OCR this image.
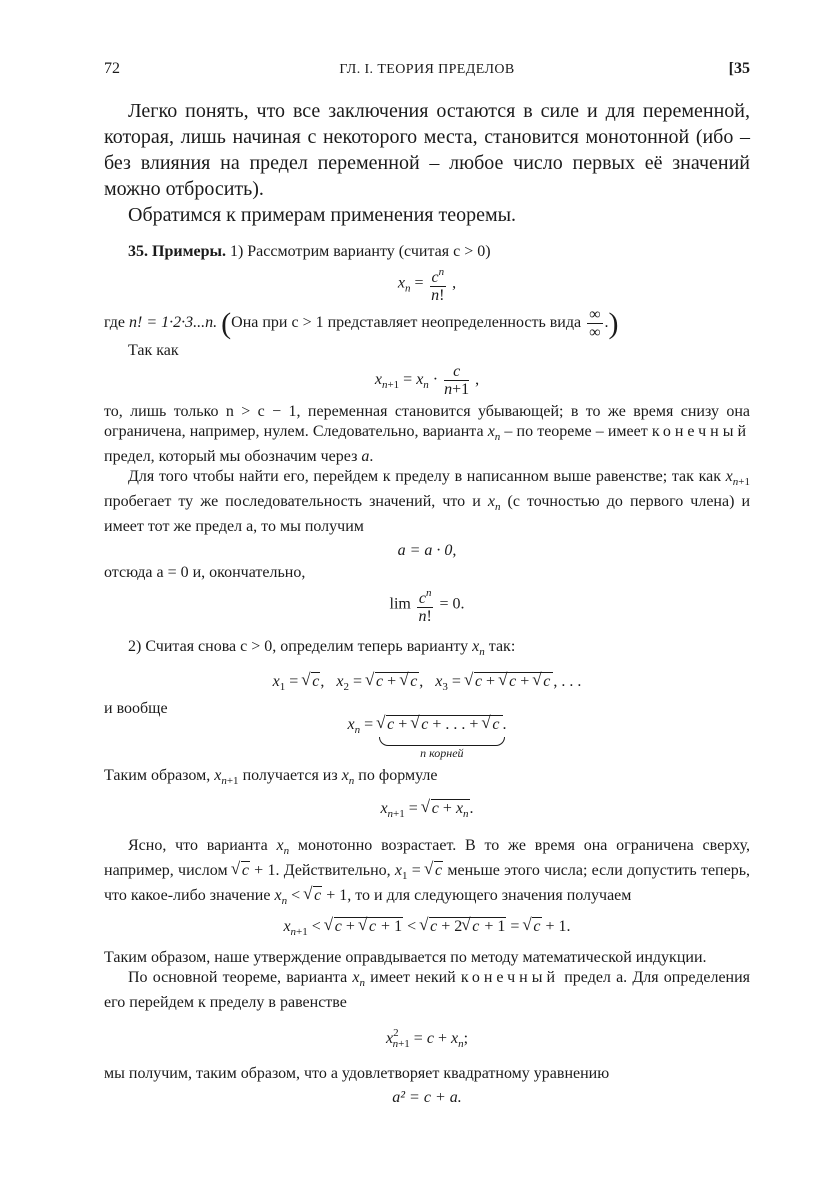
72	ГЛ. I. ТЕОРИЯ ПРЕДЕЛОВ	[35

Легко понять, что все заключения остаются в силе и для переменной, которая, лишь начиная с некоторого места, становится монотонной (ибо – без влияния на предел переменной – любое число первых её значений можно отбросить).

Обратимся к примерам применения теоремы.

35. Примеры. 1) Рассмотрим варианту (считая c > 0)

$x_n = \frac{c^n}{n!}$ ,

где n! = 1·2·3...n. (Она при c > 1 представляет неопределенность вида $\frac{\infty}{\infty}$ .)

Так как

$x_{n+1} = x_n \cdot \frac{c}{n+1}$ ,

то, лишь только n > c − 1, переменная становится убывающей; в то же время снизу она ограничена, например, нулем. Следовательно, варианта $x_n$ – по теореме – имеет конечный предел, который мы обозначим через a.

Для того чтобы найти его, перейдем к пределу в написанном выше равенстве; так как $x_{n+1}$ пробегает ту же последовательность значений, что и $x_n$ (с точностью до первого члена) и имеет тот же предел a, то мы получим

a = a · 0,

отсюда a = 0 и, окончательно,

$\lim \frac{c^n}{n!} = 0$.

2) Считая снова c > 0, определим теперь варианту $x_n$ так:

$x_1$ = √ c,   $x_2$ = √ c + √ c ,   $x_3$ = √ c + √ c + √ c , . . .

и вообще

$x_n$ = √ c + √ c + . . . + √ c .
n корней

Таким образом, $x_{n+1}$ получается из $x_n$ по формуле

$x_{n+1}$ = √ $c + x_n$.

Ясно, что варианта $x_n$ монотонно возрастает. В то же время она ограничена сверху, например, числом √ c + 1. Действительно, $x_1$ = √ c меньше этого числа; если допустить теперь, что какое-либо значение $x_n$ < √ c + 1, то и для следующего значения получаем

$x_{n+1}$ < √ c + √ c + 1 < √ c + 2 √ c + 1 = √ c + 1.

Таким образом, наше утверждение оправдывается по методу математической индукции.

По основной теореме, варианта $x_n$ имеет некий конечный предел a. Для определения его перейдем к пределу в равенстве

$x^2_{n+1} = c + x_n$;

мы получим, таким образом, что a удовлетворяет квадратному уравнению

a² = c + a.
